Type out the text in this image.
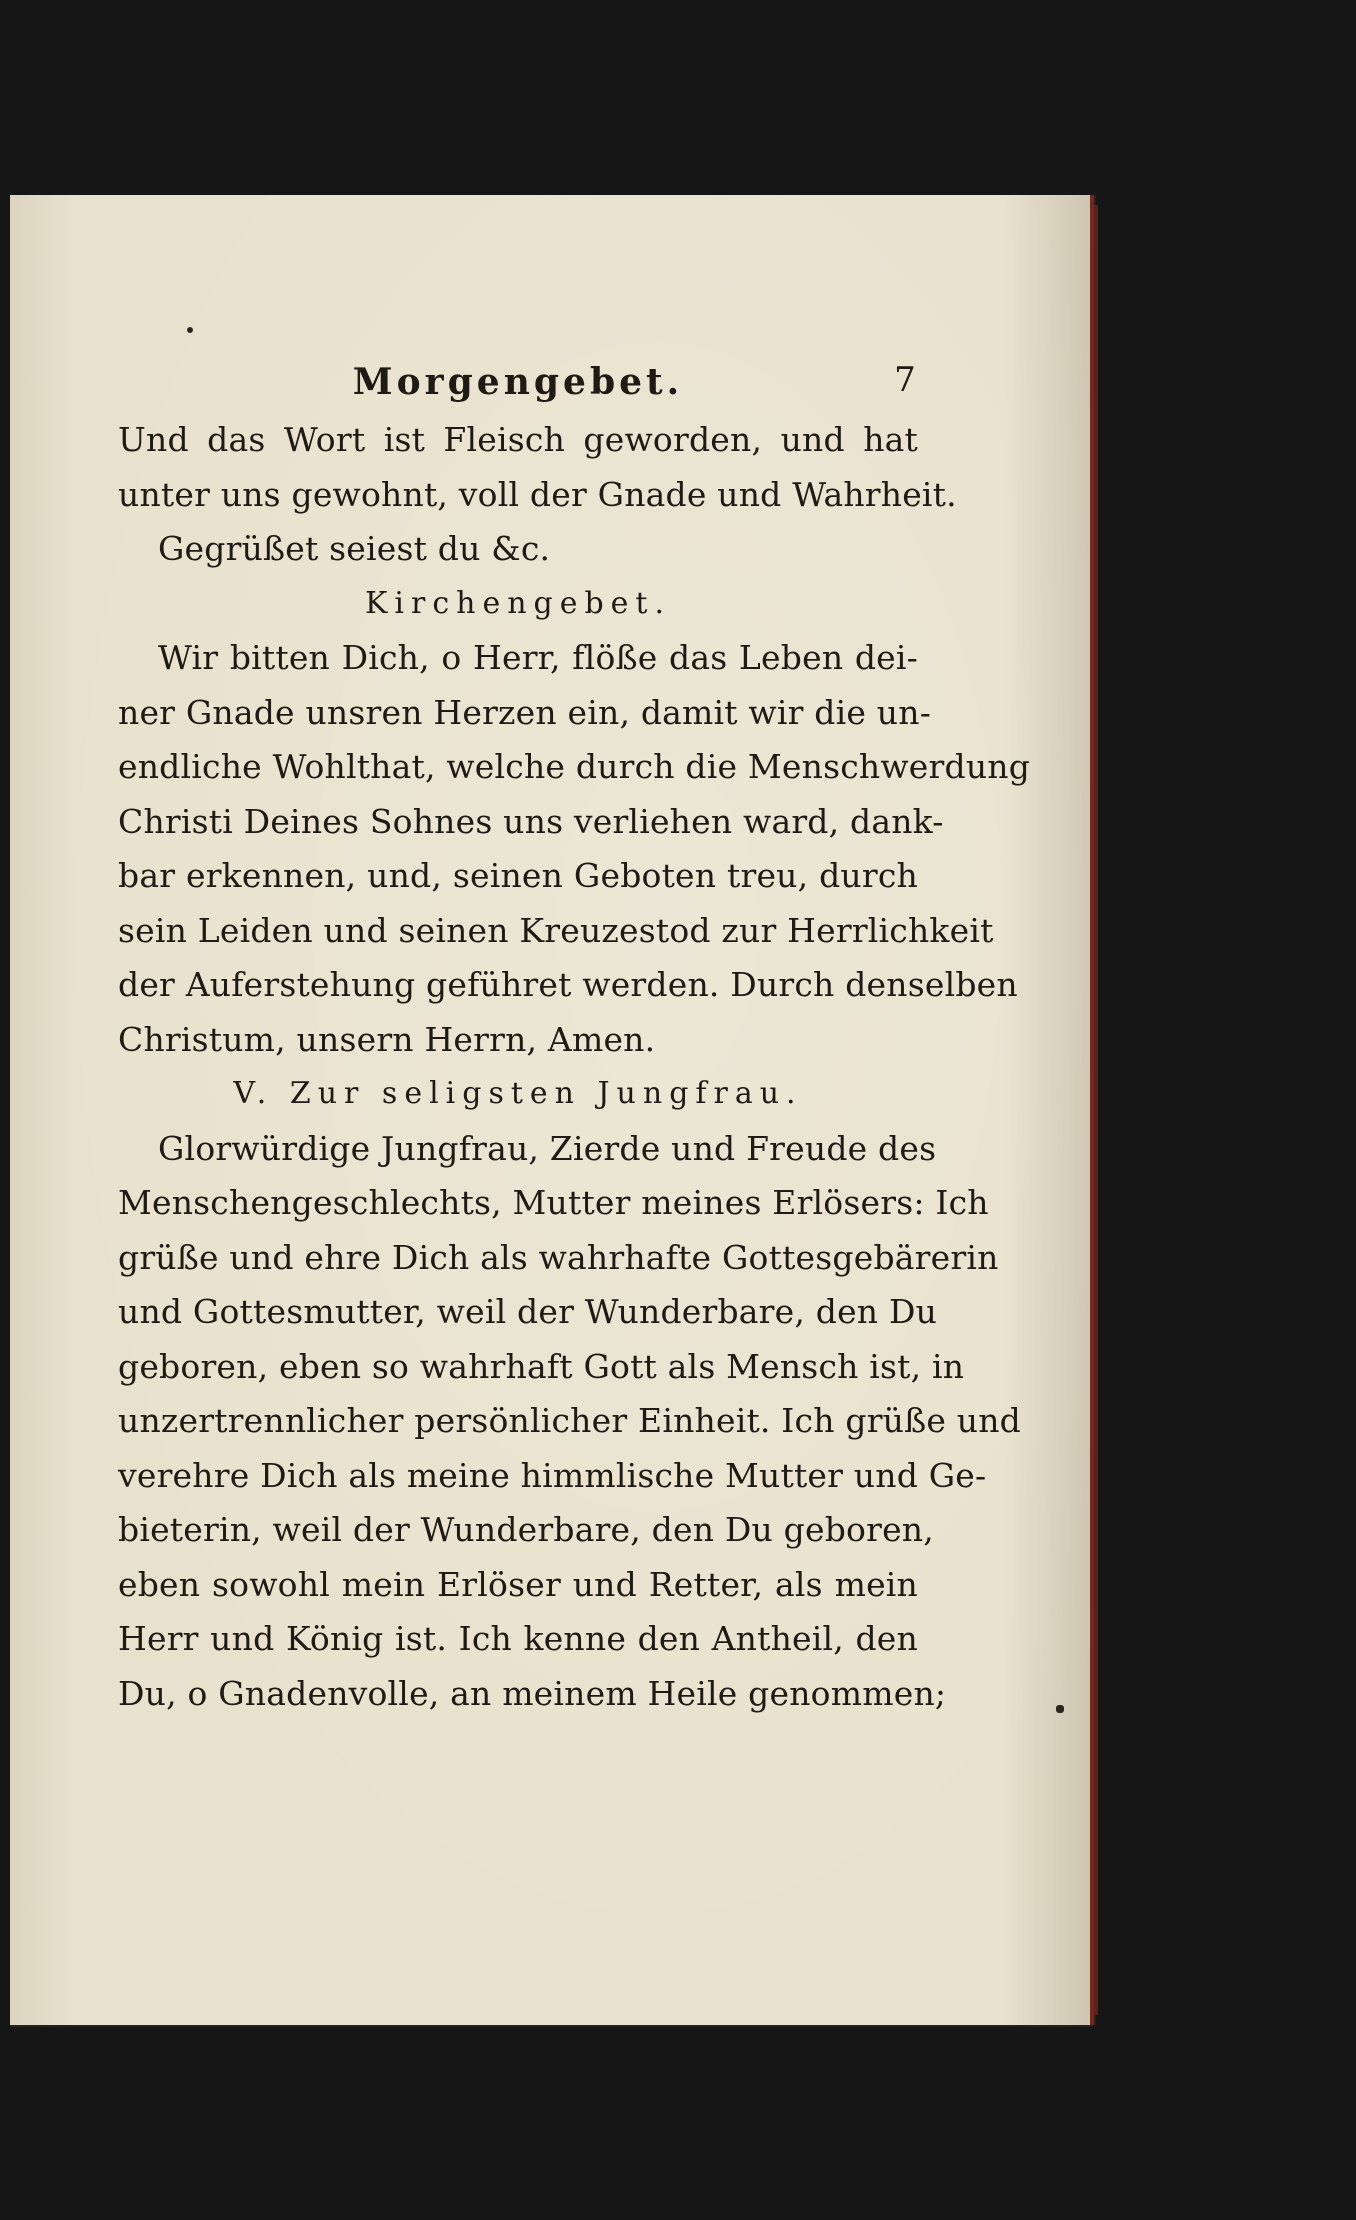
Morgengebet.	7
Und das Wort ist Fleisch geworden, und hat
unter uns gewohnt, voll der Gnade und Wahrheit.
Gegrüßet seiest du &c.
Kirchengebet.
Wir bitten Dich, o Herr, flöße das Leben dei-
ner Gnade unsren Herzen ein, damit wir die un-
endliche Wohlthat, welche durch die Menschwerdung
Christi Deines Sohnes uns verliehen ward, dank-
bar erkennen, und, seinen Geboten treu, durch
sein Leiden und seinen Kreuzestod zur Herrlichkeit
der Auferstehung geführet werden. Durch denselben
Christum, unsern Herrn, Amen.
V. Zur seligsten Jungfrau.
Glorwürdige Jungfrau, Zierde und Freude des
Menschengeschlechts, Mutter meines Erlösers: Ich
grüße und ehre Dich als wahrhafte Gottesgebärerin
und Gottesmutter, weil der Wunderbare, den Du
geboren, eben so wahrhaft Gott als Mensch ist, in
unzertrennlicher persönlicher Einheit. Ich grüße und
verehre Dich als meine himmlische Mutter und Ge-
bieterin, weil der Wunderbare, den Du geboren,
eben sowohl mein Erlöser und Retter, als mein
Herr und König ist. Ich kenne den Antheil, den
Du, o Gnadenvolle, an meinem Heile genommen;
